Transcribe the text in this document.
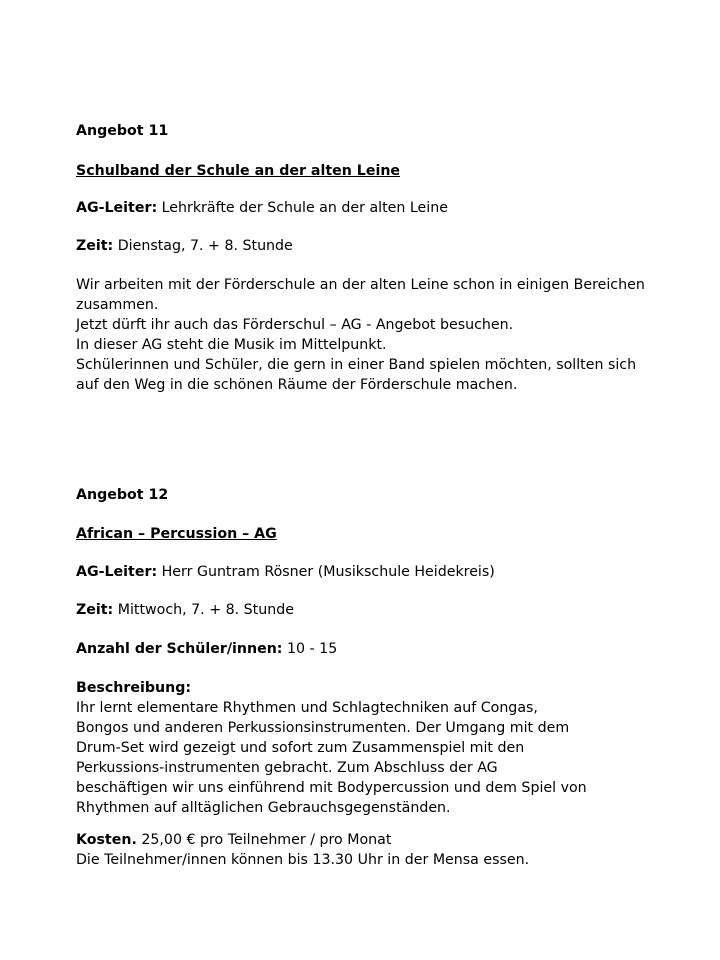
Angebot 11
Schulband der Schule an der alten Leine
AG-Leiter: Lehrkräfte der Schule an der alten Leine
Zeit: Dienstag, 7. + 8. Stunde
Wir arbeiten mit der Förderschule an der alten Leine schon in einigen Bereichen
zusammen.
Jetzt dürft ihr auch das Förderschul – AG - Angebot besuchen.
In dieser AG steht die Musik im Mittelpunkt.
Schülerinnen und Schüler, die gern in einer Band spielen möchten, sollten sich
auf den Weg in die schönen Räume der Förderschule machen.
Angebot 12
African – Percussion – AG
AG-Leiter: Herr Guntram Rösner (Musikschule Heidekreis)
Zeit: Mittwoch, 7. + 8. Stunde
Anzahl der Schüler/innen: 10 - 15
Beschreibung:
Ihr lernt elementare Rhythmen und Schlagtechniken auf Congas,
Bongos und anderen Perkussionsinstrumenten. Der Umgang mit dem
Drum-Set wird gezeigt und sofort zum Zusammenspiel mit den
Perkussions-instrumenten gebracht. Zum Abschluss der AG
beschäftigen wir uns einführend mit Bodypercussion und dem Spiel von
Rhythmen auf alltäglichen Gebrauchsgegenständen.
Kosten. 25,00 € pro Teilnehmer / pro Monat
Die Teilnehmer/innen können bis 13.30 Uhr in der Mensa essen.
